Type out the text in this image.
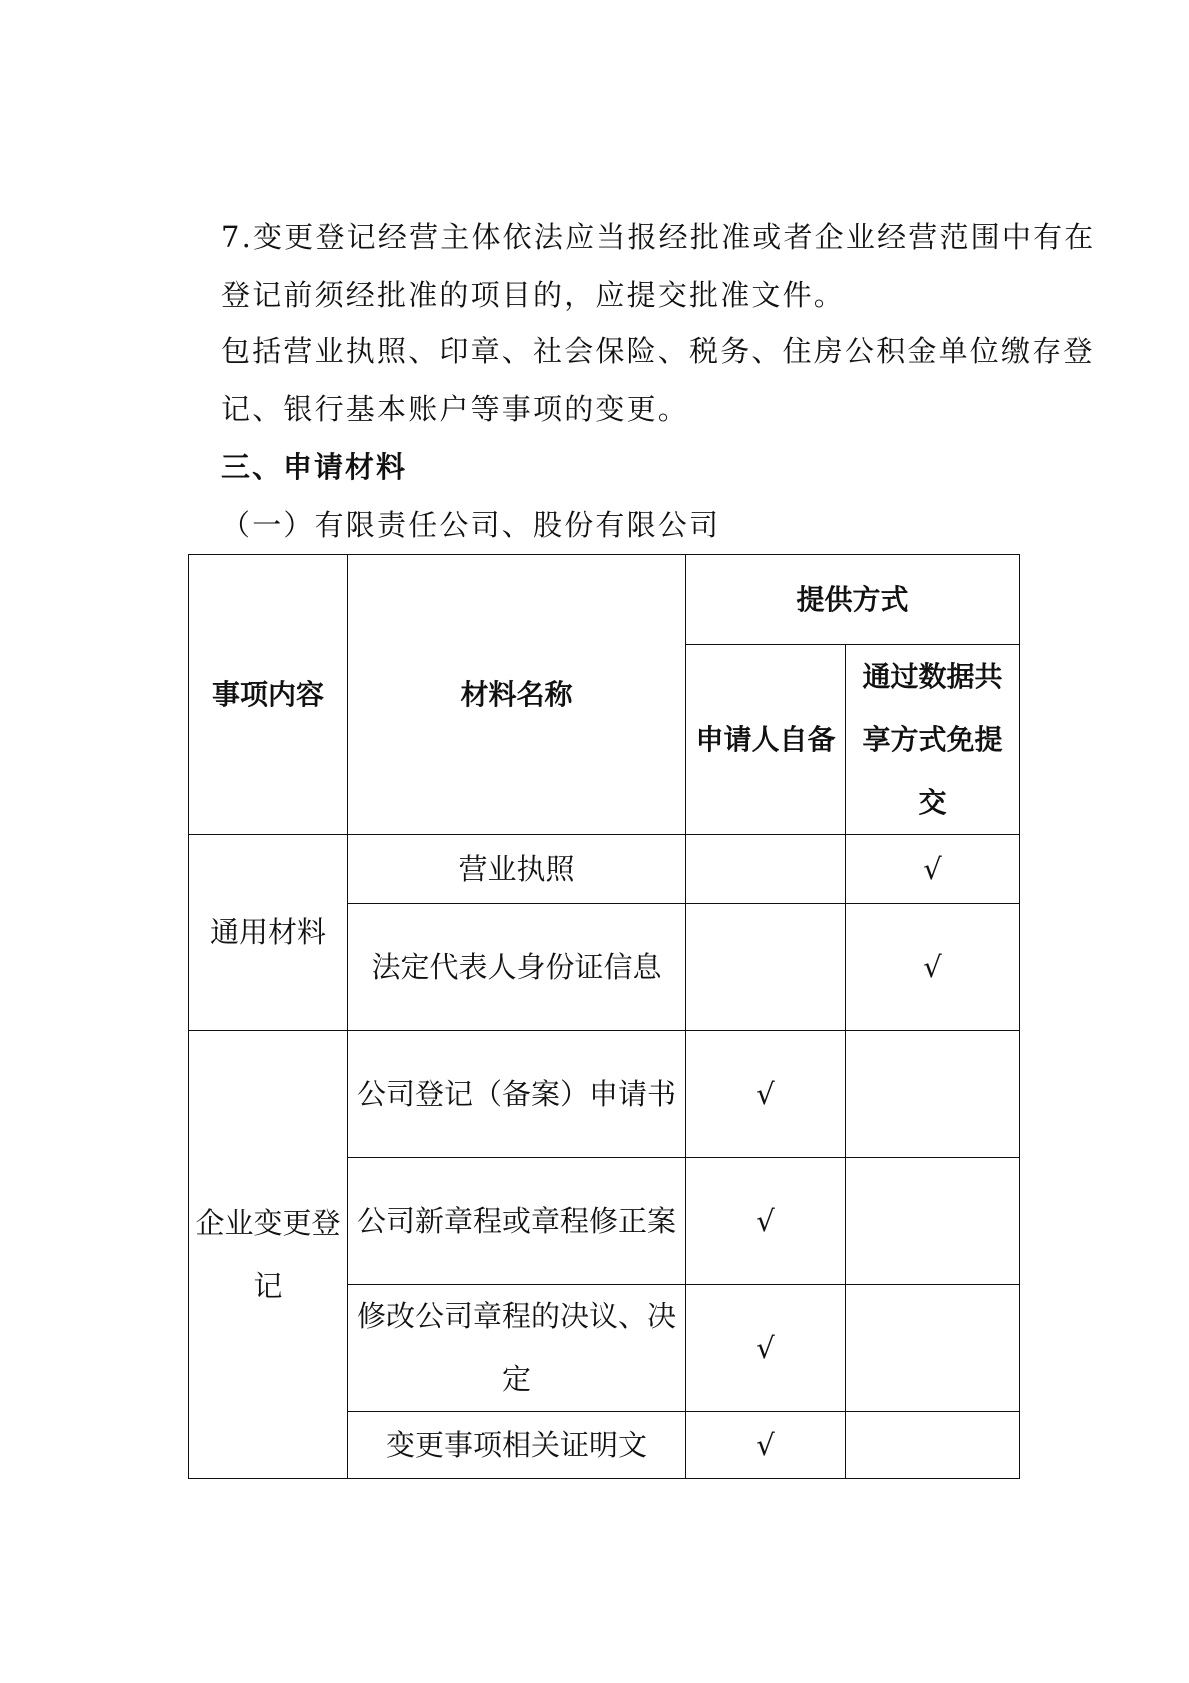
7.变更登记经营主体依法应当报经批准或者企业经营范围中有在登记前须经批准的项目的，应提交批准文件。

包括营业执照、印章、社会保险、税务、住房公积金单位缴存登记、银行基本账户等事项的变更。

三、申请材料
（一）有限责任公司、股份有限公司
事项内容	材料名称	提供方式	
		申请人自备	通过数据共享方式免提交
通用材料	营业执照		√
	法定代表人身份证信息		√
企业变更登记	公司登记（备案）申请书	√	
	公司新章程或章程修正案	√	
	修改公司章程的决议、决定	√	
	变更事项相关证明文	√	
